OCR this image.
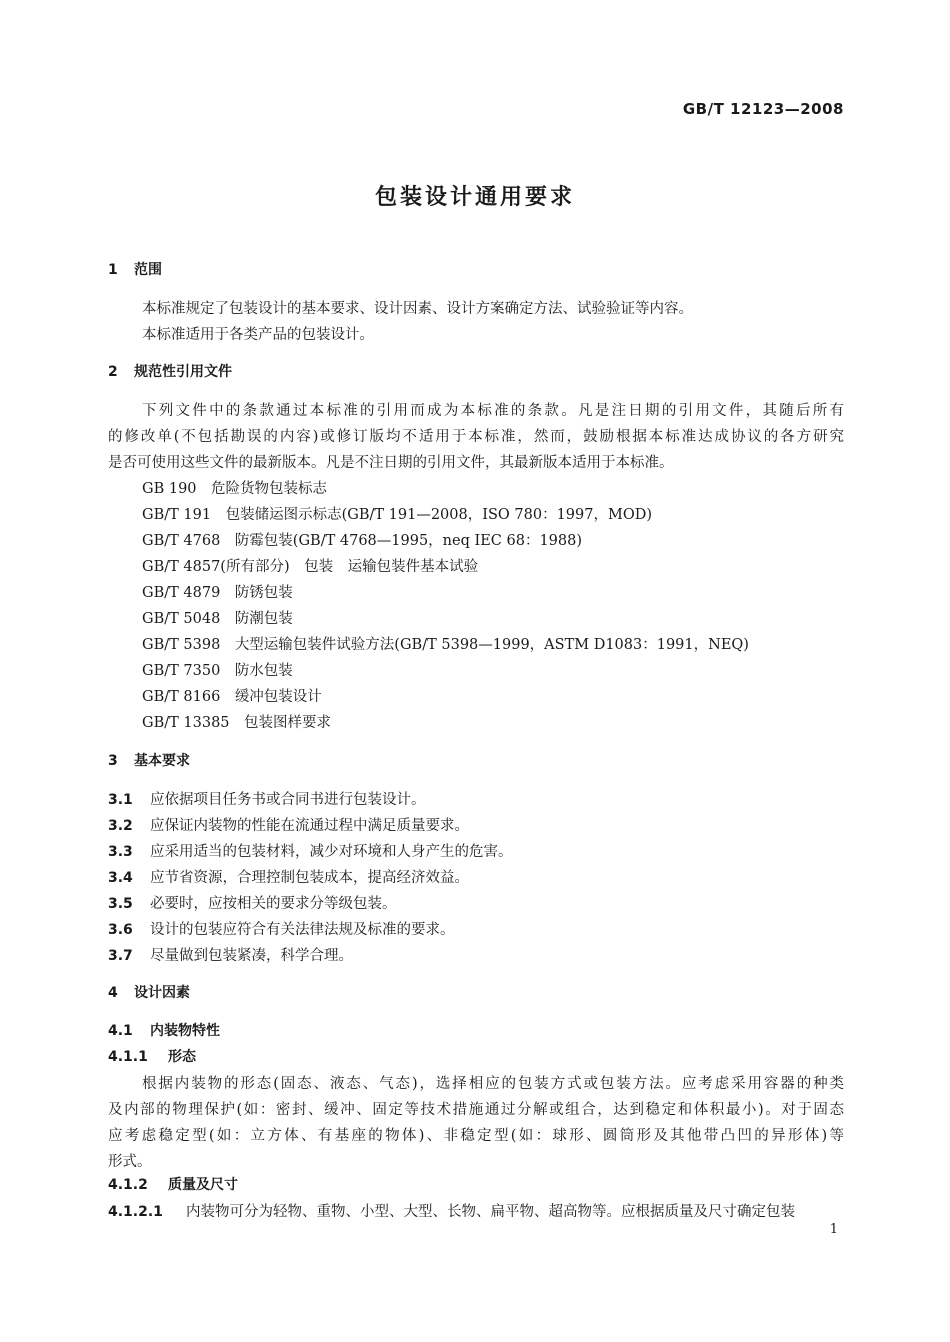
GB/T 12123—2008
包装设计通用要求
1 范围
本标准规定了包装设计的基本要求、设计因素、设计方案确定方法、试验验证等内容。
本标准适用于各类产品的包装设计。
2 规范性引用文件
下列文件中的条款通过本标准的引用而成为本标准的条款。凡是注日期的引用文件，其随后所有
的修改单(不包括勘误的内容)或修订版均不适用于本标准，然而，鼓励根据本标准达成协议的各方研究
是否可使用这些文件的最新版本。凡是不注日期的引用文件，其最新版本适用于本标准。
GB 190　 危险货物包装标志
GB/T 191　 包装储运图示标志(GB/T 191—2008，ISO 780：1997，MOD)
GB/T 4768　 防霉包装(GB/T 4768—1995，neq IEC 68：1988)
GB/T 4857(所有部分)　 包装　运输包装件基本试验
GB/T 4879　 防锈包装
GB/T 5048　 防潮包装
GB/T 5398　 大型运输包装件试验方法(GB/T 5398—1999，ASTM D1083：1991，NEQ)
GB/T 7350　 防水包装
GB/T 8166　 缓冲包装设计
GB/T 13385　 包装图样要求
3 基本要求
3.1 应依据项目任务书或合同书进行包装设计。
3.2 应保证内装物的性能在流通过程中满足质量要求。
3.3 应采用适当的包装材料，减少对环境和人身产生的危害。
3.4 应节省资源，合理控制包装成本，提高经济效益。
3.5 必要时，应按相关的要求分等级包装。
3.6 设计的包装应符合有关法律法规及标准的要求。
3.7 尽量做到包装紧凑，科学合理。
4 设计因素
4.1 内装物特性
4.1.1 形态
根据内装物的形态(固态、液态、气态)，选择相应的包装方式或包装方法。应考虑采用容器的种类
及内部的物理保护(如：密封、缓冲、固定等技术措施通过分解或组合，达到稳定和体积最小)。对于固态
应考虑稳定型(如：立方体、有基座的物体)、非稳定型(如：球形、圆筒形及其他带凸凹的异形体)等
形式。
4.1.2 质量及尺寸
4.1.2.1 内装物可分为轻物、重物、小型、大型、长物、扁平物、超高物等。应根据质量及尺寸确定包装
1
